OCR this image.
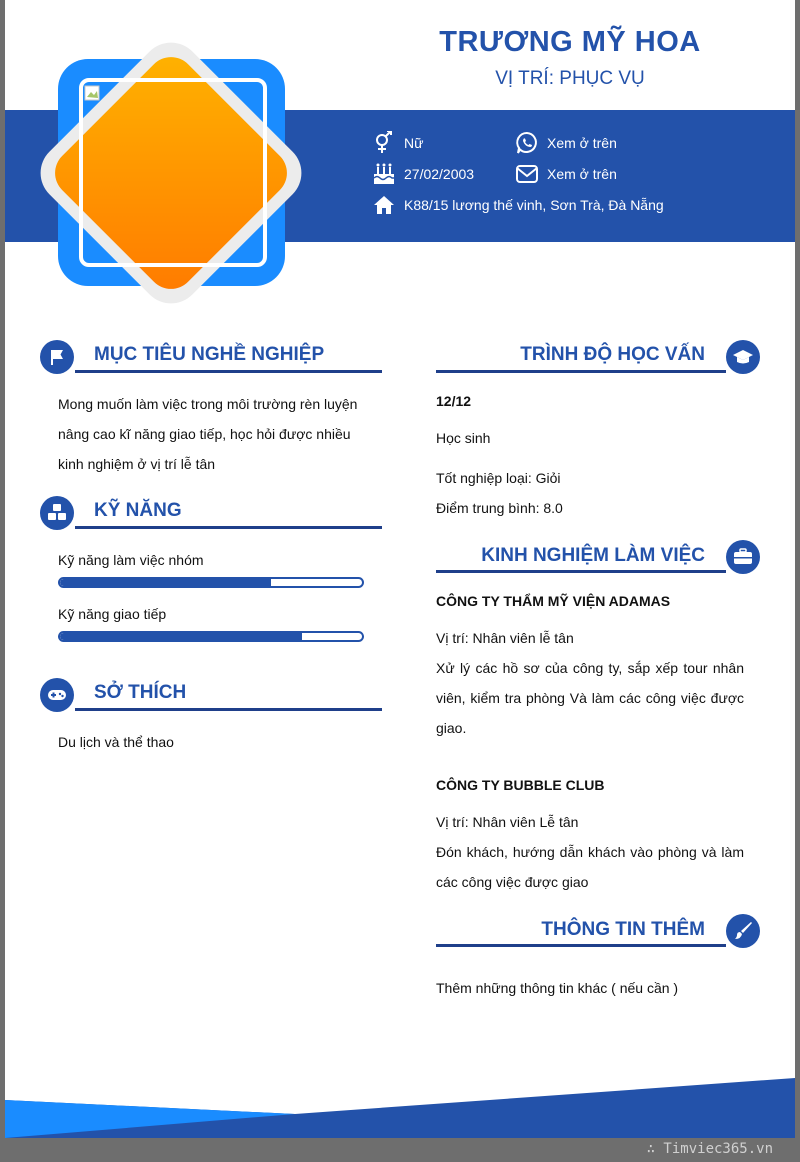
TRƯƠNG MỸ HOA
VỊ TRÍ: PHỤC VỤ
Nữ
27/02/2003
K88/15 lương thế vinh, Sơn Trà, Đà Nẵng
Xem ở trên
Xem ở trên
MỤC TIÊU NGHỀ NGHIỆP
Mong muốn làm việc trong môi trường rèn luyện
nâng cao kĩ năng giao tiếp, học hỏi được nhiều
kinh nghiệm ở vị trí lễ tân
KỸ NĂNG
Kỹ năng làm việc nhóm
Kỹ năng giao tiếp
SỞ THÍCH
Du lịch và thể thao
TRÌNH ĐỘ HỌC VẤN
12/12
Học sinh
Tốt nghiệp loại: Giỏi
Điểm trung bình: 8.0
KINH NGHIỆM LÀM VIỆC
CÔNG TY THẨM MỸ VIỆN ADAMAS
Vị trí: Nhân viên lễ tân
Xử lý các hồ sơ của công ty, sắp xếp tour nhân
viên, kiểm tra phòng Và làm các công việc được
giao.
CÔNG TY BUBBLE CLUB
Vị trí: Nhân viên Lễ tân
Đón khách, hướng dẫn khách vào phòng và làm
các công việc được giao
THÔNG TIN THÊM
Thêm những thông tin khác ( nếu cần )
∴ Timviec365.vn
